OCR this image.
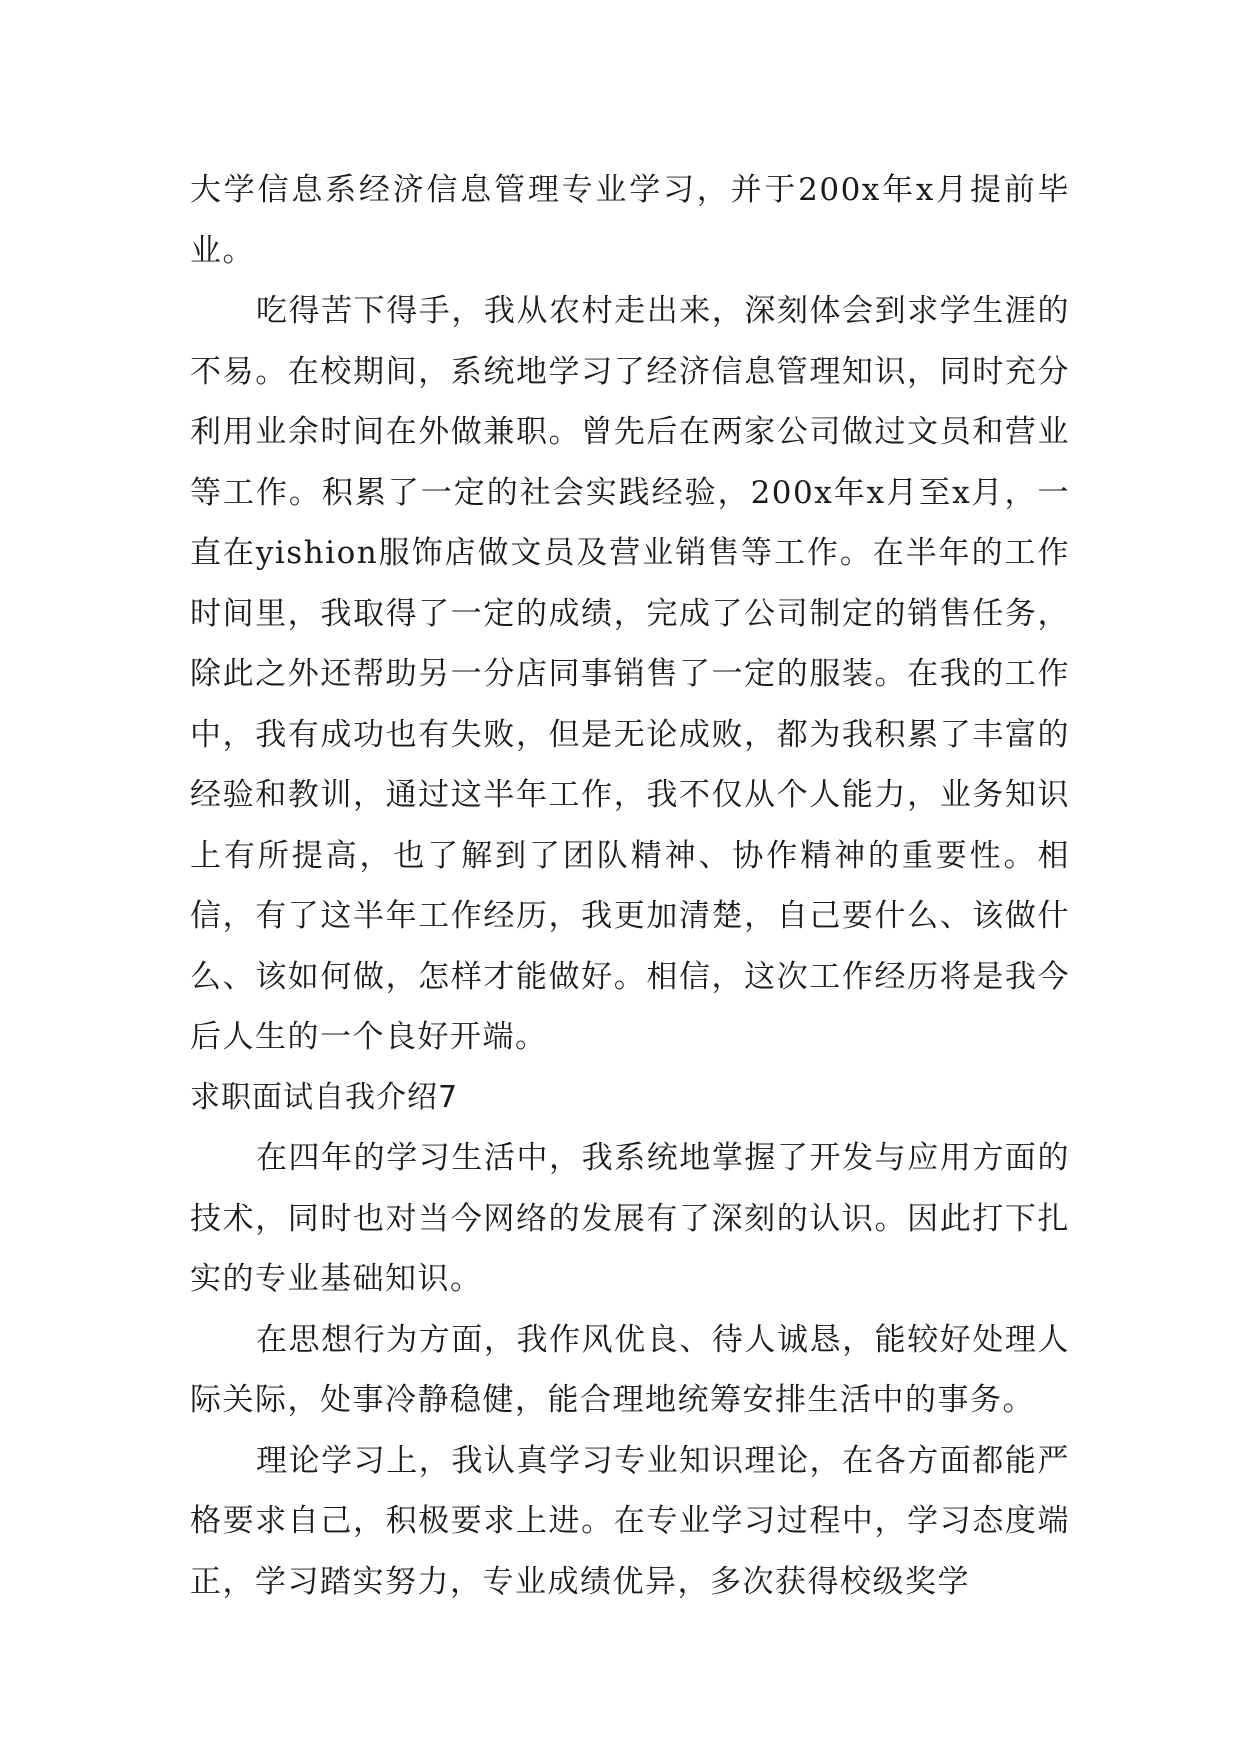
大学信息系经济信息管理专业学习，并于200x年x月提前毕业。

吃得苦下得手，我从农村走出来，深刻体会到求学生涯的不易。在校期间，系统地学习了经济信息管理知识，同时充分利用业余时间在外做兼职。曾先后在两家公司做过文员和营业等工作。积累了一定的社会实践经验，200x年x月至x月，一直在yishion服饰店做文员及营业销售等工作。在半年的工作时间里，我取得了一定的成绩，完成了公司制定的销售任务，除此之外还帮助另一分店同事销售了一定的服装。在我的工作中，我有成功也有失败，但是无论成败，都为我积累了丰富的经验和教训，通过这半年工作，我不仅从个人能力，业务知识上有所提高，也了解到了团队精神、协作精神的重要性。相信，有了这半年工作经历，我更加清楚，自己要什么、该做什么、该如何做，怎样才能做好。相信，这次工作经历将是我今后人生的一个良好开端。

求职面试自我介绍7

在四年的学习生活中，我系统地掌握了开发与应用方面的技术，同时也对当今网络的发展有了深刻的认识。因此打下扎实的专业基础知识。

在思想行为方面，我作风优良、待人诚恳，能较好处理人际关际，处事冷静稳健，能合理地统筹安排生活中的事务。

理论学习上，我认真学习专业知识理论，在各方面都能严格要求自己，积极要求上进。在专业学习过程中，学习态度端正，学习踏实努力，专业成绩优异，多次获得校级奖学
